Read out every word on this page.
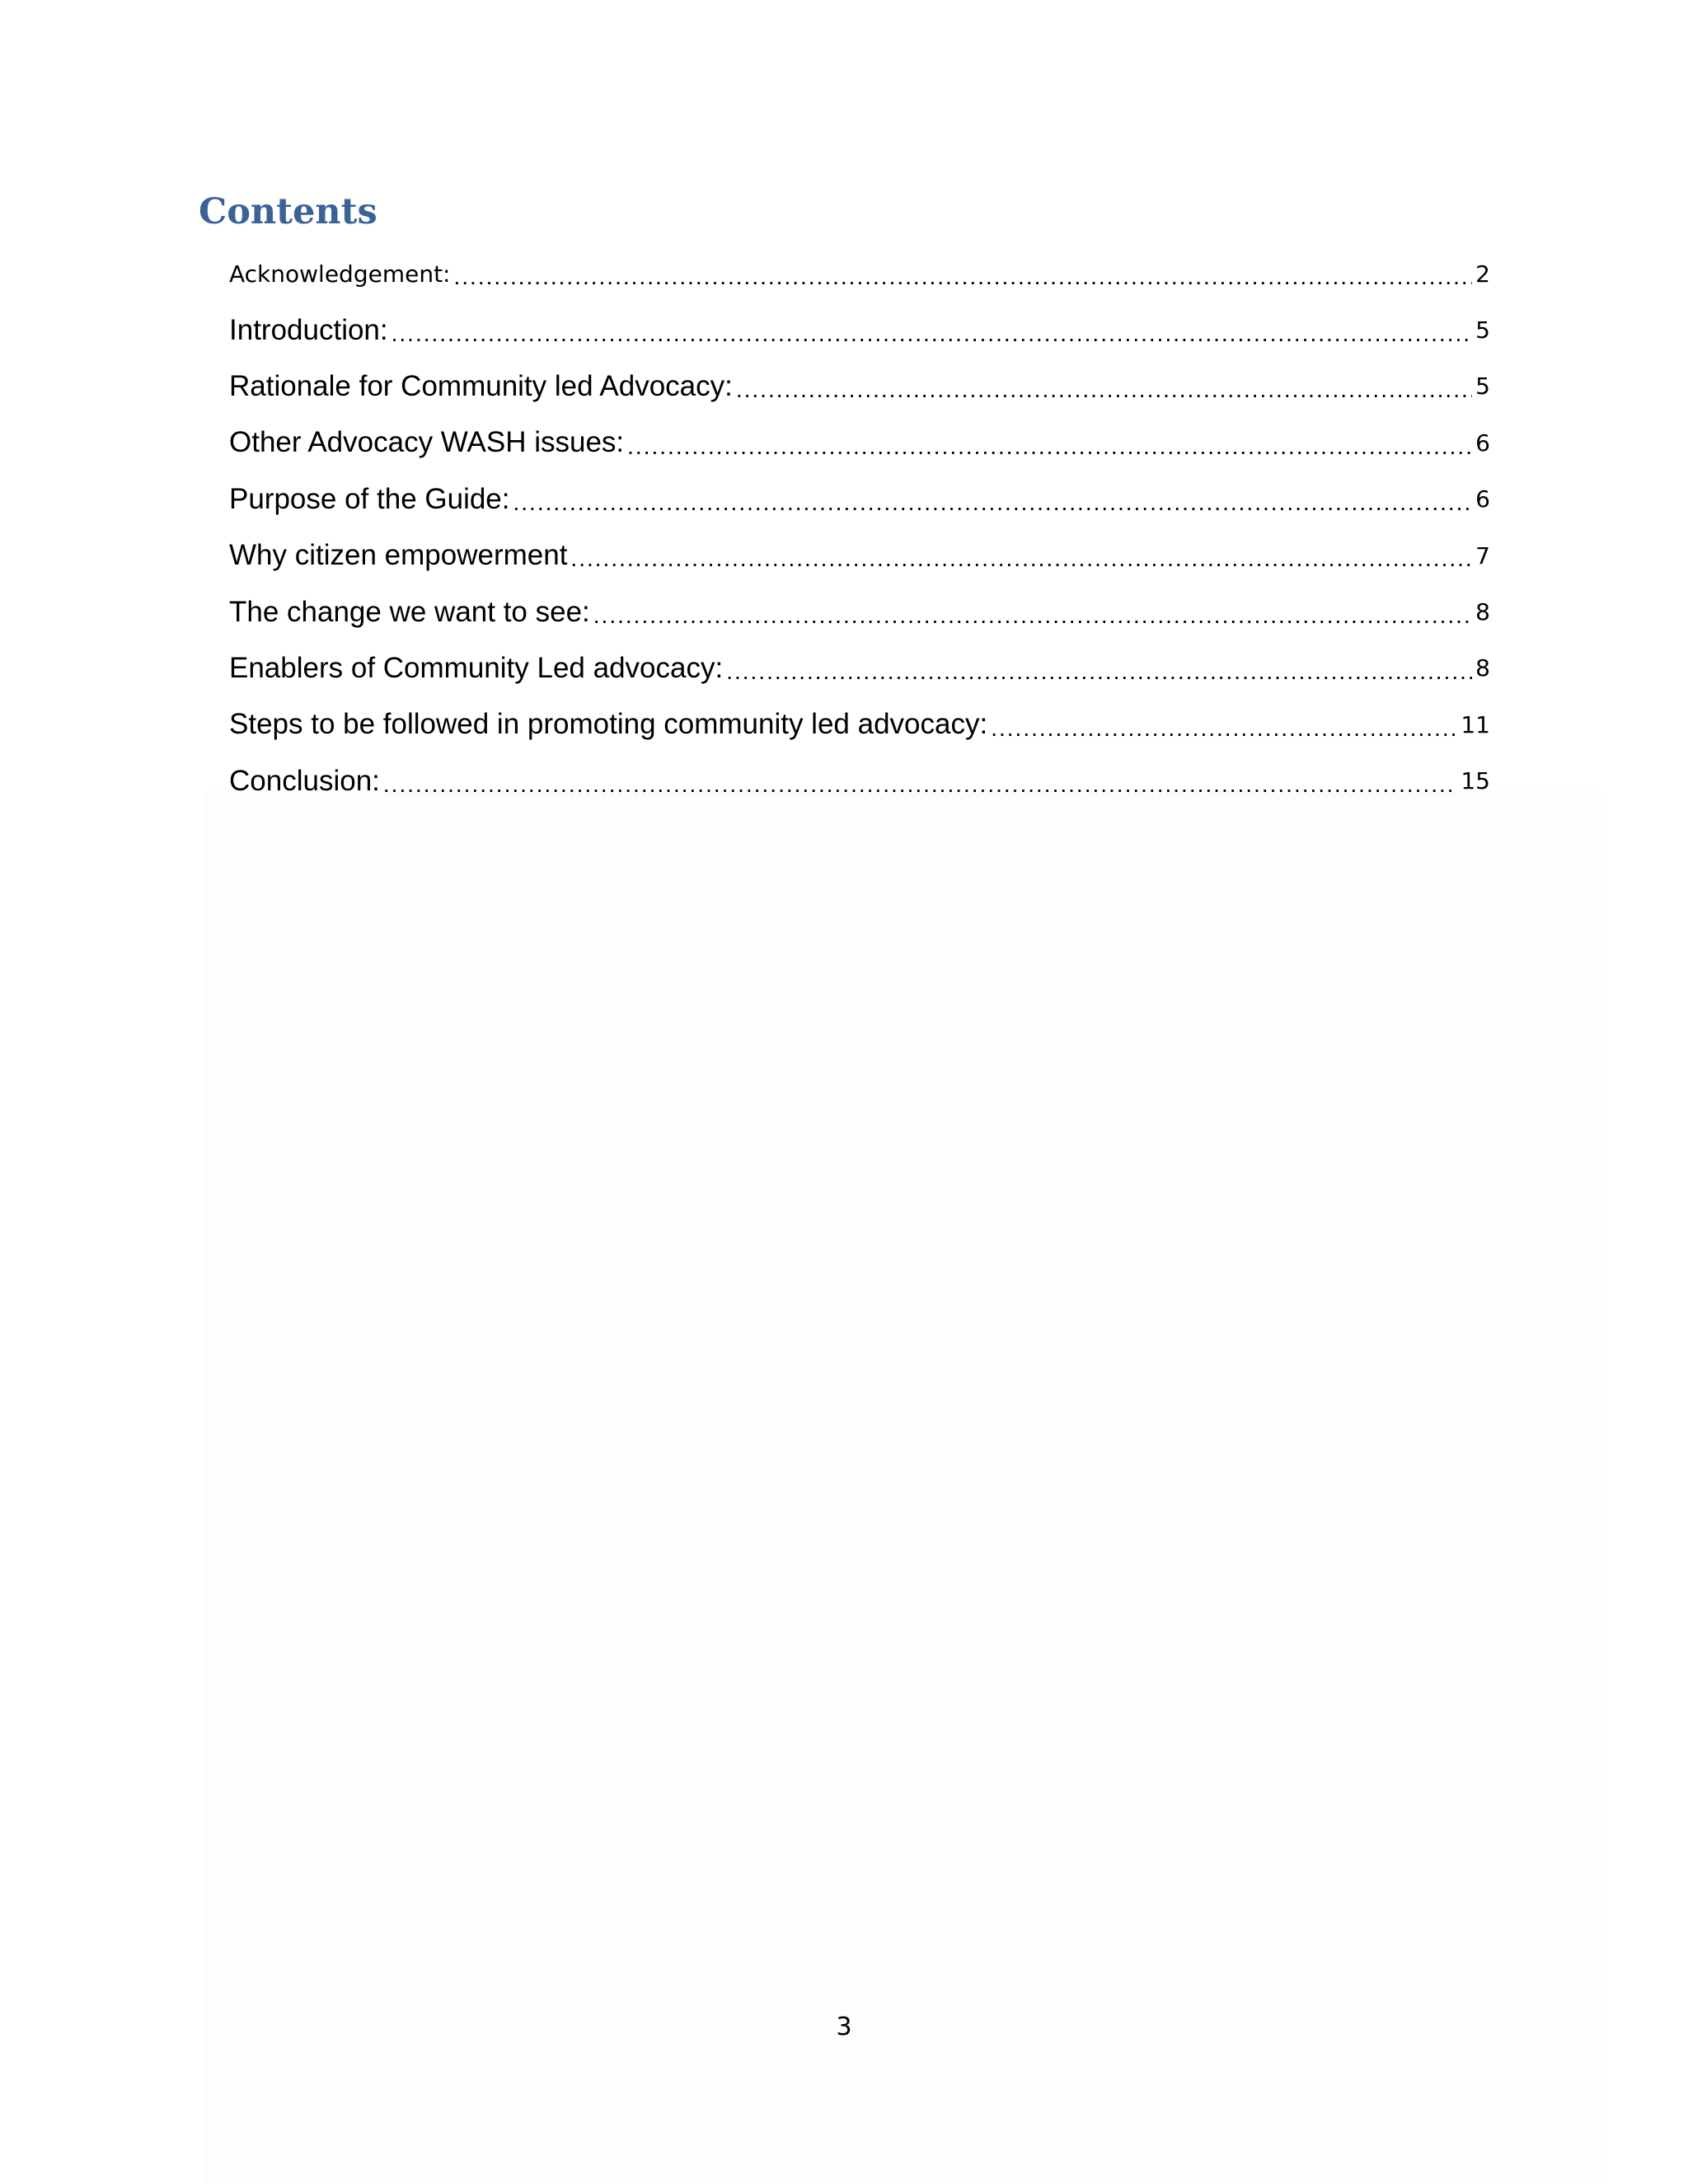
Contents
Acknowledgement: .....	2
Introduction: .....	5
Rationale for Community led Advocacy: .....	5
Other Advocacy WASH issues: .....	6
Purpose of the Guide: .....	6
Why citizen empowerment .....	7
The change we want to see: .....	8
Enablers of Community Led advocacy: .....	8
Steps to be followed in promoting community led advocacy: .....	11
Conclusion: .....	15
3
